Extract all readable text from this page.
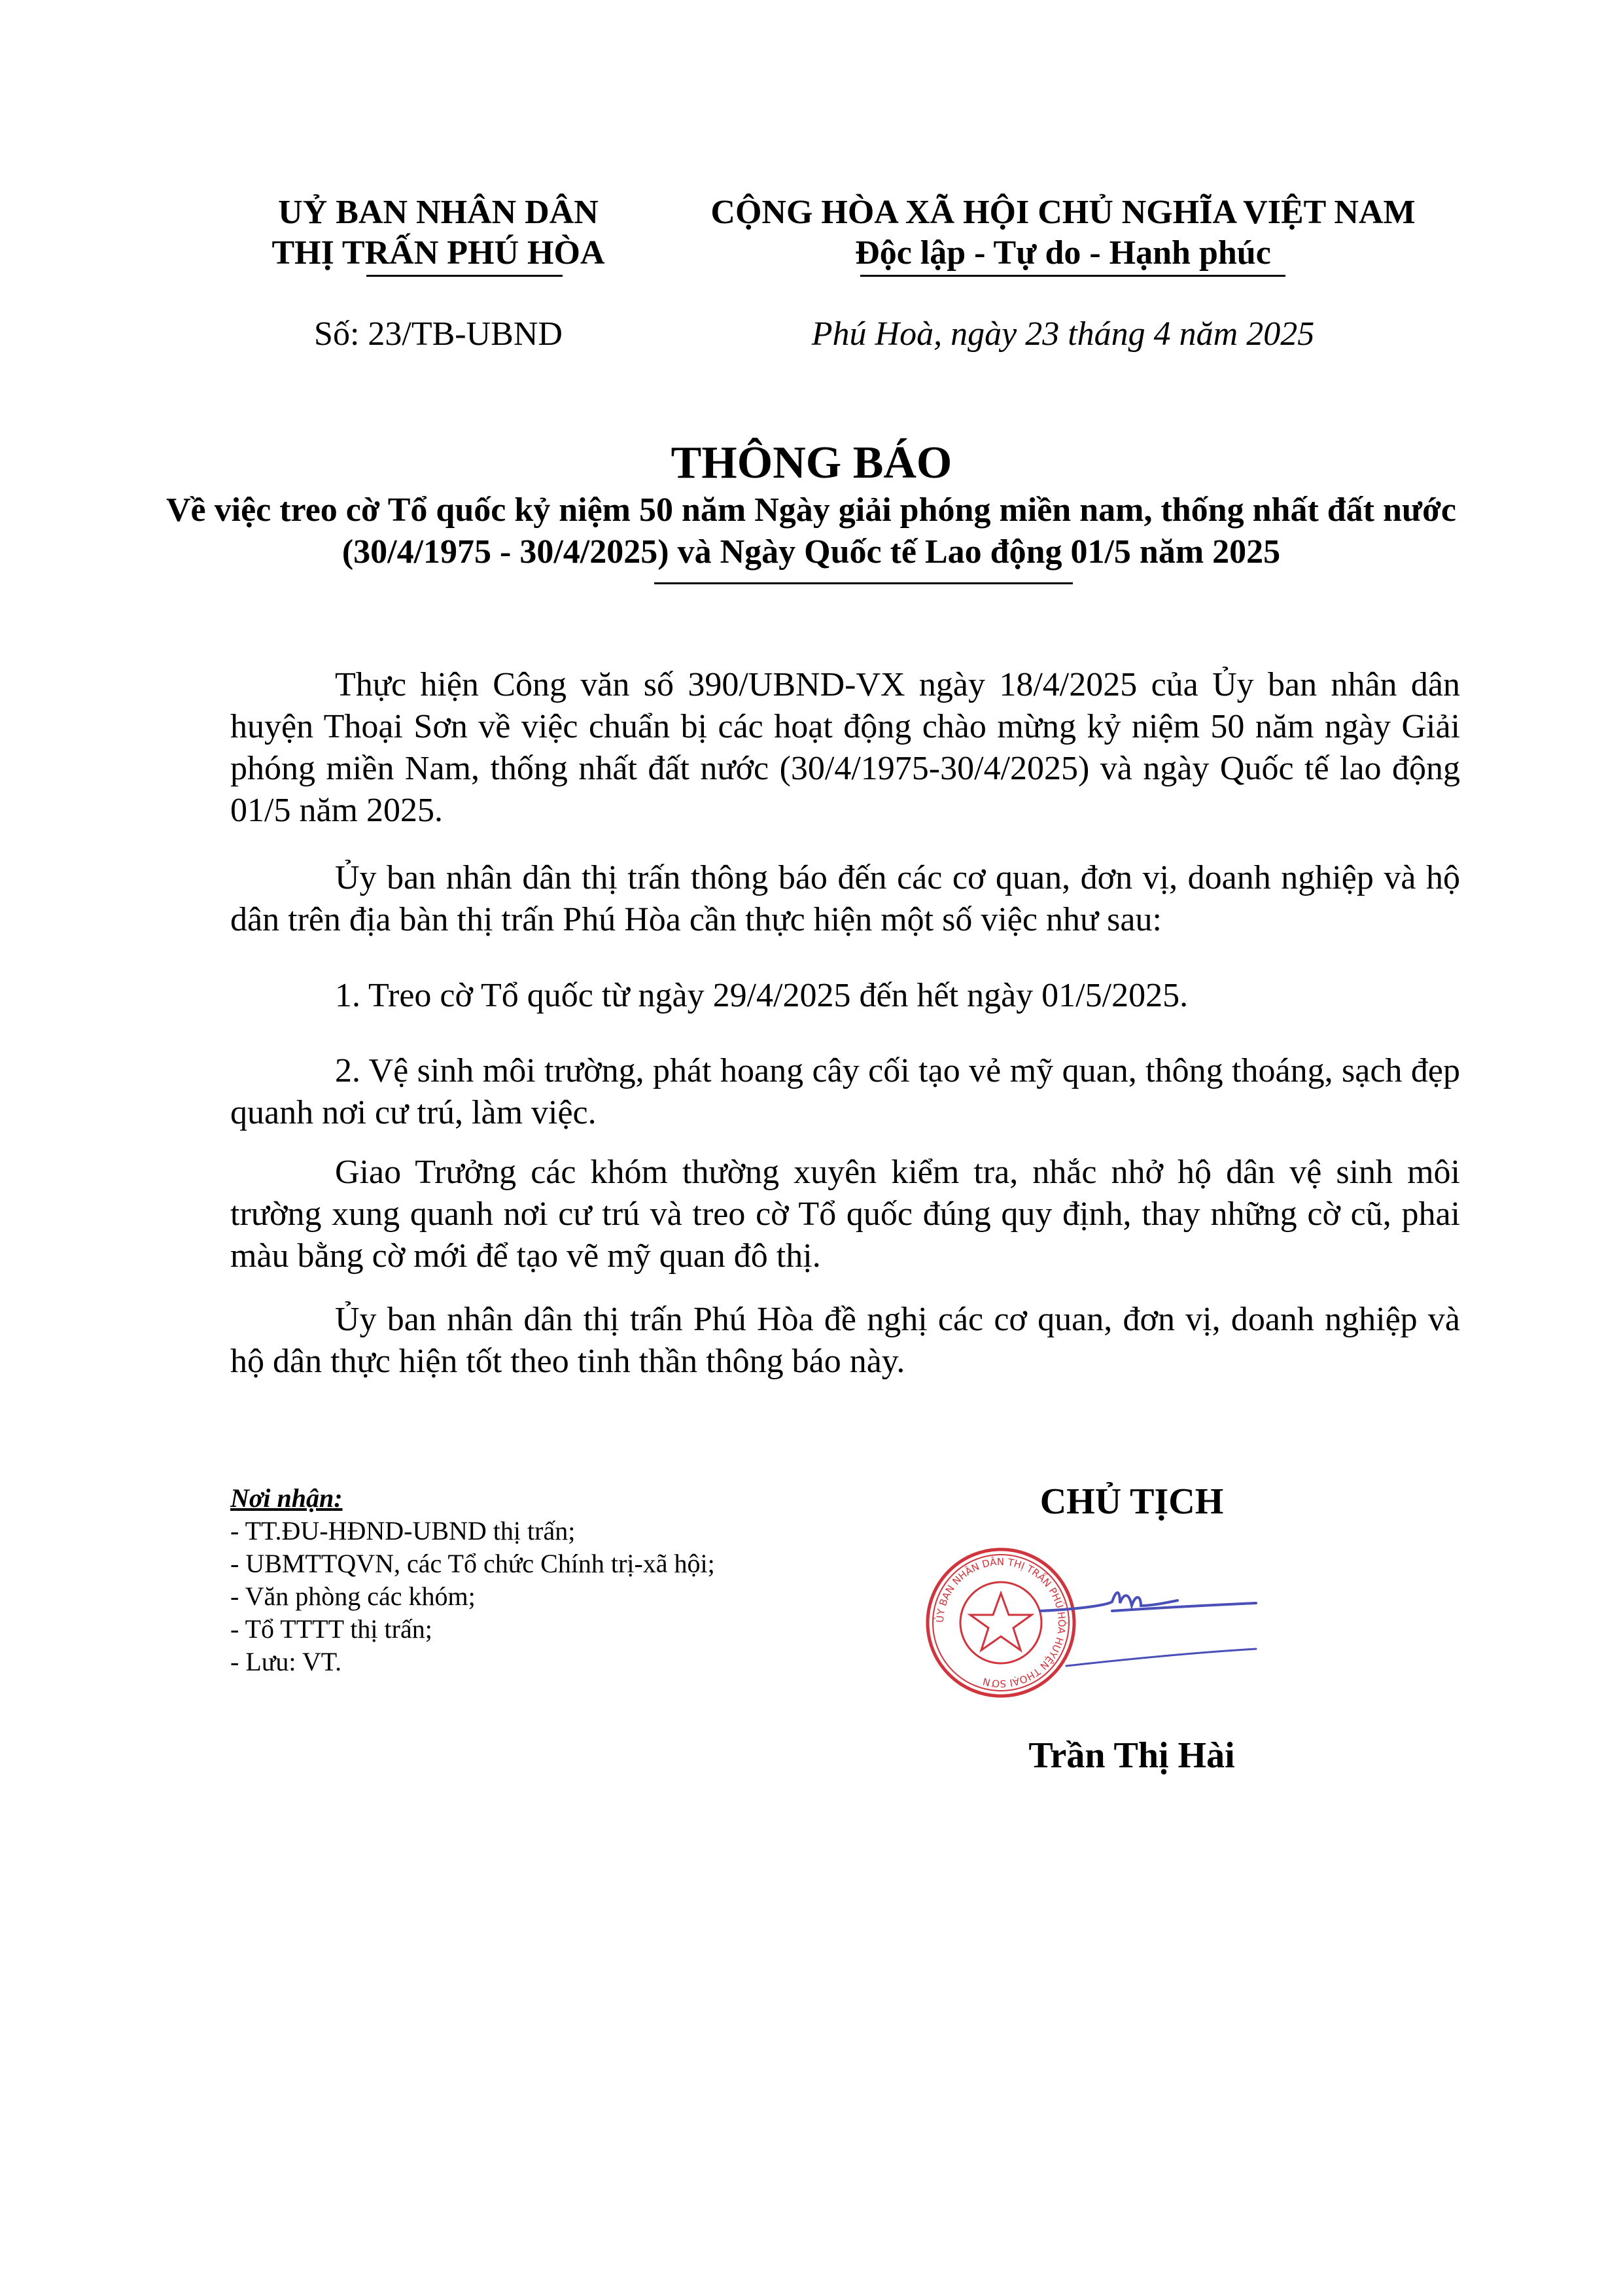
UỶ BAN NHÂN DÂN
THỊ TRẤN PHÚ HÒA
CỘNG HÒA XÃ HỘI CHỦ NGHĨA VIỆT NAM
Độc lập - Tự do - Hạnh phúc
Số: 23/TB-UBND	Phú Hoà, ngày 23 tháng 4 năm 2025
THÔNG BÁO
Về việc treo cờ Tổ quốc kỷ niệm 50 năm Ngày giải phóng miền nam, thống nhất đất nước (30/4/1975 - 30/4/2025) và Ngày Quốc tế Lao động 01/5 năm 2025
Thực hiện Công văn số 390/UBND-VX ngày 18/4/2025 của Ủy ban nhân dân huyện Thoại Sơn về việc chuẩn bị các hoạt động chào mừng kỷ niệm 50 năm ngày Giải phóng miền Nam, thống nhất đất nước (30/4/1975-30/4/2025) và ngày Quốc tế lao động 01/5 năm 2025.
Ủy ban nhân dân thị trấn thông báo đến các cơ quan, đơn vị, doanh nghiệp và hộ dân trên địa bàn thị trấn Phú Hòa cần thực hiện một số việc như sau:
1. Treo cờ Tổ quốc từ ngày 29/4/2025 đến hết ngày 01/5/2025.
2. Vệ sinh môi trường, phát hoang cây cối tạo vẻ mỹ quan, thông thoáng, sạch đẹp quanh nơi cư trú, làm việc.
Giao Trưởng các khóm thường xuyên kiểm tra, nhắc nhở hộ dân vệ sinh môi trường xung quanh nơi cư trú và treo cờ Tổ quốc đúng quy định, thay những cờ cũ, phai màu bằng cờ mới để tạo vẽ mỹ quan đô thị.
Ủy ban nhân dân thị trấn Phú Hòa đề nghị các cơ quan, đơn vị, doanh nghiệp và hộ dân thực hiện tốt theo tinh thần thông báo này.
Nơi nhận:
- TT.ĐU-HĐND-UBND thị trấn;
- UBMTTQVN, các Tổ chức Chính trị-xã hội;
- Văn phòng các khóm;
- Tổ TTTT thị trấn;
- Lưu: VT.
CHỦ TỊCH
ỦY BAN NHÂN DÂN THỊ TRẤN PHÚ HÒA HUYỆN THOẠI SƠN
Trần Thị Hài
